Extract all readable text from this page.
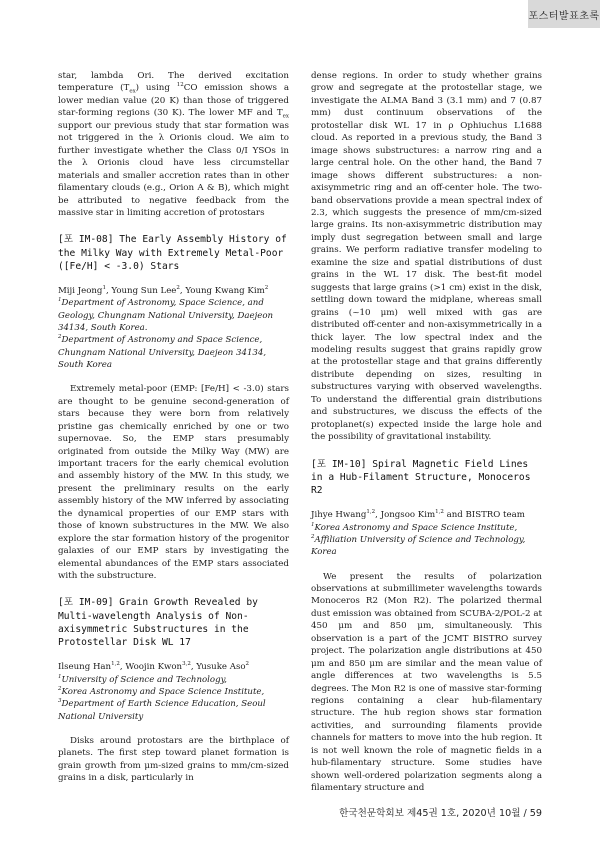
포스터발표초록

star, lambda Ori. The derived excitation temperature $(T_{ex})$ using $^{12}$CO emission shows a lower median value (20 K) than those of triggered star-forming regions (30 K). The lower MF and $T_{ex}$ support our previous study that star formation was not triggered in the λ Orionis cloud. We aim to further investigate whether the Class 0/I YSOs in the λ Orionis cloud have less circumstellar materials and smaller accretion rates than in other filamentary clouds (e.g., Orion A & B), which might be attributed to negative feedback from the massive star in limiting accretion of protostars

[포 IM-08] The Early Assembly History of the Milky Way with Extremely Metal-Poor ([Fe/H] < -3.0) Stars
Miji Jeong$^1$, Young Sun Lee$^2$, Young Kwang Kim$^2$
$^1$Department of Astronomy, Space Science, and Geology, Chungnam National University, Daejeon 34134, South Korea.
$^2$Department of Astronomy and Space Science, Chungnam National University, Daejeon 34134, South Korea

Extremely metal-poor (EMP: [Fe/H] < -3.0) stars are thought to be genuine second-generation of stars because they were born from relatively pristine gas chemically enriched by one or two supernovae. So, the EMP stars presumably originated from outside the Milky Way (MW) are important tracers for the early chemical evolution and assembly history of the MW. In this study, we present the preliminary results on the early assembly history of the MW inferred by associating the dynamical properties of our EMP stars with those of known substructures in the MW. We also explore the star formation history of the progenitor galaxies of our EMP stars by investigating the elemental abundances of the EMP stars associated with the substructure.

[포 IM-09] Grain Growth Revealed by Multi-wavelength Analysis of Non-axisymmetric Substructures in the Protostellar Disk WL 17
Ilseung Han$^{1,2}$, Woojin Kwon$^{3,2}$, Yusuke Aso$^2$
$^1$University of Science and Technology,
$^2$Korea Astronomy and Space Science Institute,
$^3$Department of Earth Science Education, Seoul National University

Disks around protostars are the birthplace of planets. The first step toward planet formation is grain growth from μm-sized grains to mm/cm-sized grains in a disk, particularly in

dense regions. In order to study whether grains grow and segregate at the protostellar stage, we investigate the ALMA Band 3 (3.1 mm) and 7 (0.87 mm) dust continuum observations of the protostellar disk WL 17 in ρ Ophiuchus L1688 cloud. As reported in a previous study, the Band 3 image shows substructures: a narrow ring and a large central hole. On the other hand, the Band 7 image shows different substructures: a non-axisymmetric ring and an off-center hole. The two-band observations provide a mean spectral index of 2.3, which suggests the presence of mm/cm-sized large grains. Its non-axisymmetric distribution may imply dust segregation between small and large grains. We perform radiative transfer modeling to examine the size and spatial distributions of dust grains in the WL 17 disk. The best-fit model suggests that large grains (>1 cm) exist in the disk, settling down toward the midplane, whereas small grains (~10 μm) well mixed with gas are distributed off-center and non-axisymmetrically in a thick layer. The low spectral index and the modeling results suggest that grains rapidly grow at the protostellar stage and that grains differently distribute depending on sizes, resulting in substructures varying with observed wavelengths. To understand the differential grain distributions and substructures, we discuss the effects of the protoplanet(s) expected inside the large hole and the possibility of gravitational instability.

[포 IM-10] Spiral Magnetic Field Lines in a Hub-Filament Structure, Monoceros R2
Jihye Hwang$^{1,2}$, Jongsoo Kim$^{1,2}$ and BISTRO team
$^1$Korea Astronomy and Space Science Institute,
$^2$Affiliation University of Science and Technology, Korea

We present the results of polarization observations at submillimeter wavelengths towards Monoceros R2 (Mon R2). The polarized thermal dust emission was obtained from SCUBA-2/POL-2 at 450 μm and 850 μm, simultaneously. This observation is a part of the JCMT BISTRO survey project. The polarization angle distributions at 450 μm and 850 μm are similar and the mean value of angle differences at two wavelengths is 5.5 degrees. The Mon R2 is one of massive star-forming regions containing a clear hub-filamentary structure. The hub region shows star formation activities, and surrounding filaments provide channels for matters to move into the hub region. It is not well known the role of magnetic fields in a hub-filamentary structure. Some studies have shown well-ordered polarization segments along a filamentary structure and

한국천문학회보 제45권 1호, 2020년 10월 / 59
